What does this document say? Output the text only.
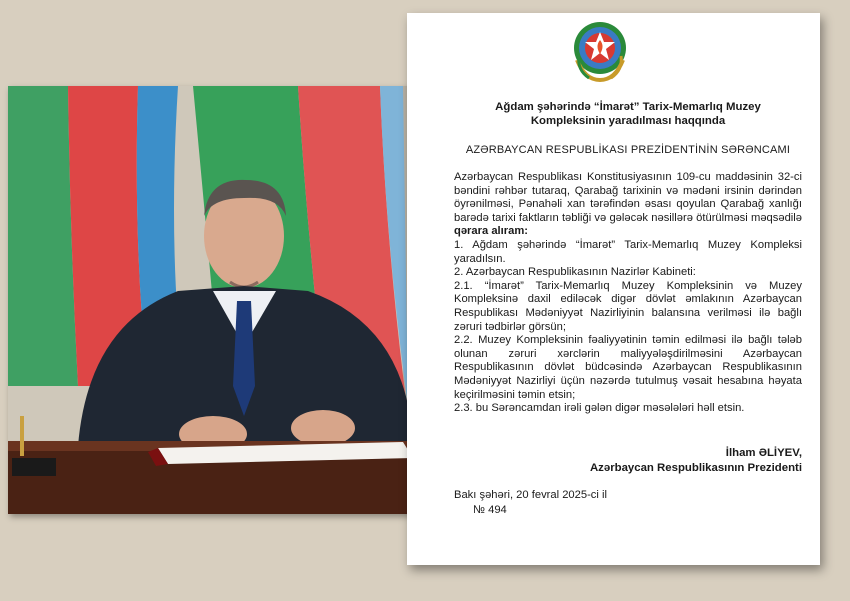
Ağdam şəhərində “İmarət” Tarix-Memarlıq Muzey
Kompleksinin yaradılması haqqında
AZƏRBAYCAN RESPUBLİKASI PREZİDENTİNİN SƏRƏNCAMI

Azərbaycan Respublikası Konstitusiyasının 109-cu maddəsinin 32-ci bəndini rəhbər tutaraq, Qarabağ tarixinin və mədəni irsinin dərindən öyrənilməsi, Pənahəli xan tərəfindən əsası qoyulan Qarabağ xanlığı barədə tarixi faktların təbliği və gələcək nəsillərə ötürülməsi məqsədilə qərara alıram:

1. Ağdam şəhərində “İmarət” Tarix-Memarlıq Muzey Kompleksi yaradılsın.

2. Azərbaycan Respublikasının Nazirlər Kabineti:

2.1. “İmarət” Tarix-Memarlıq Muzey Kompleksinin və Muzey Kompleksinə daxil ediləcək digər dövlət əmlakının Azərbaycan Respublikası Mədəniyyət Nazirliyinin balansına verilməsi ilə bağlı zəruri tədbirlər görsün;

2.2. Muzey Kompleksinin fəaliyyətinin təmin edilməsi ilə bağlı tələb olunan zəruri xərclərin maliyyələşdirilməsini Azərbaycan Respublikasının dövlət büdcəsində Azərbaycan Respublikasının Mədəniyyət Nazirliyi üçün nəzərdə tutulmuş vəsait hesabına həyata keçirilməsini təmin etsin;

2.3. bu Sərəncamdan irəli gələn digər məsələləri həll etsin.

İlham ƏLİYEV,
Azərbaycan Respublikasının Prezidenti
Bakı şəhəri, 20 fevral 2025-ci il
№ 494
